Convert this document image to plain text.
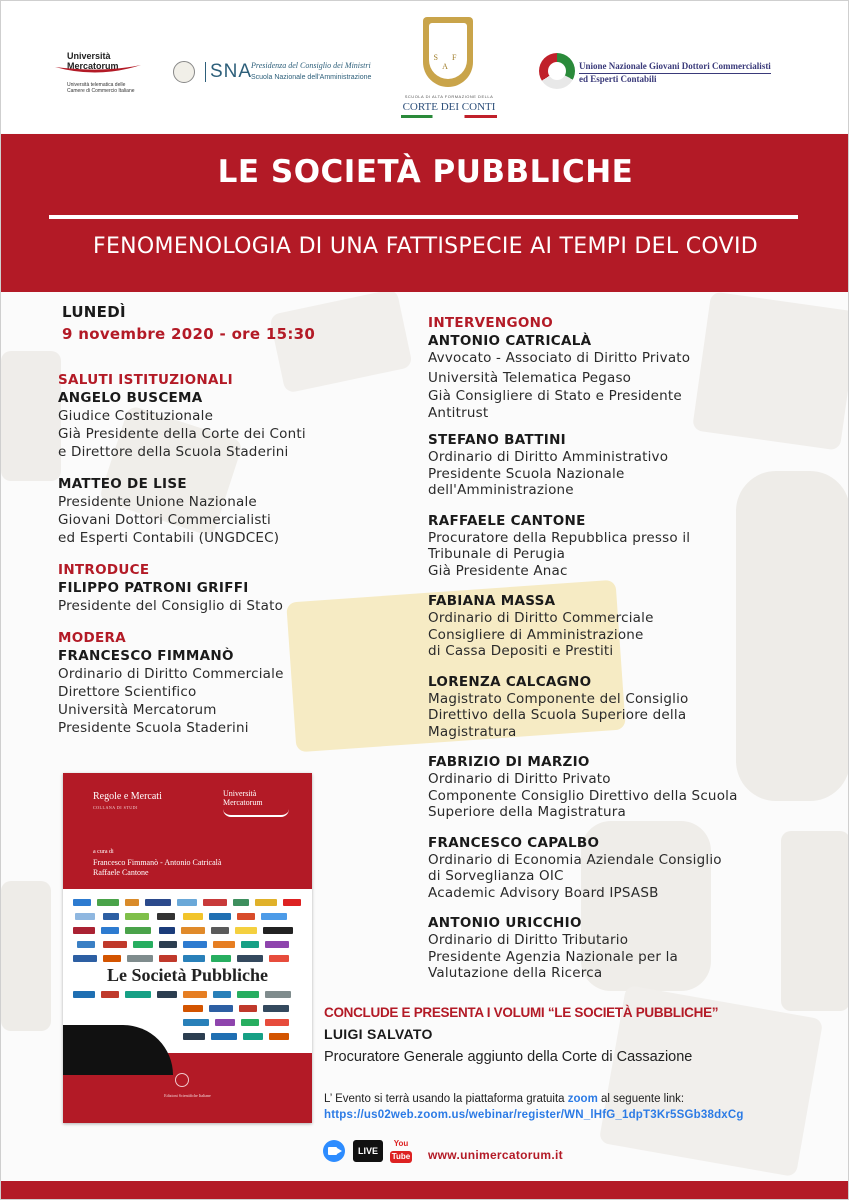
Università
Mercatorum
Università telematica delle
Camere di Commercio Italiane
SNA
Presidenza del Consiglio dei Ministri
Scuola Nazionale dell'Amministrazione
S F A
SCUOLA DI ALTA FORMAZIONE DELLA
CORTE DEI CONTI
Unione Nazionale Giovani Dottori Commercialisti
ed Esperti Contabili
LE SOCIETÀ PUBBLICHE
FENOMENOLOGIA DI UNA FATTISPECIE AI TEMPI DEL COVID
LUNEDÌ
9 novembre 2020 - ore 15:30
SALUTI ISTITUZIONALI
ANGELO BUSCEMA
Giudice Costituzionale
Già Presidente della Corte dei Conti
e Direttore della Scuola Staderini
MATTEO DE LISE
Presidente Unione Nazionale
Giovani Dottori Commercialisti
ed Esperti Contabili (UNGDCEC)
INTRODUCE
FILIPPO PATRONI GRIFFI
Presidente del Consiglio di Stato
MODERA
FRANCESCO FIMMANÒ
Ordinario di Diritto Commerciale
Direttore Scientifico
Università Mercatorum
Presidente Scuola Staderini
INTERVENGONO
ANTONIO CATRICALÀ
Avvocato - Associato di Diritto Privato
Università Telematica Pegaso
Già Consigliere di Stato e Presidente
Antitrust
STEFANO BATTINI
Ordinario di Diritto Amministrativo
Presidente Scuola Nazionale
dell'Amministrazione
RAFFAELE CANTONE
Procuratore della Repubblica presso il
Tribunale di Perugia
Già Presidente Anac
FABIANA MASSA
Ordinario di Diritto Commerciale
Consigliere di Amministrazione
di Cassa Depositi e Prestiti
LORENZA CALCAGNO
Magistrato Componente del Consiglio
Direttivo della Scuola Superiore della
Magistratura
FABRIZIO DI MARZIO
Ordinario di Diritto Privato
Componente Consiglio Direttivo della Scuola
Superiore della Magistratura
FRANCESCO CAPALBO
Ordinario di Economia Aziendale Consiglio
di Sorveglianza OIC
Academic Advisory Board IPSASB
ANTONIO URICCHIO
Ordinario di Diritto Tributario
Presidente Agenzia Nazionale per la
Valutazione della Ricerca
Regole e Mercati
COLLANA DI STUDI
Università
Mercatorum
a cura di
Francesco Fimmanò - Antonio Catricalà
Raffaele Cantone
Le Società Pubbliche
Edizioni Scientifiche Italiane
CONCLUDE E PRESENTA I VOLUMI “LE SOCIETÀ PUBBLICHE”
LUIGI SALVATO
Procuratore Generale aggiunto della Corte di Cassazione
L’ Evento si terrà usando la piattaforma gratuita zoom al seguente link:
https://us02web.zoom.us/webinar/register/WN_lHfG_1dpT3Kr5SGb38dxCg
LIVE
You
Tube www.unimercatorum.it
